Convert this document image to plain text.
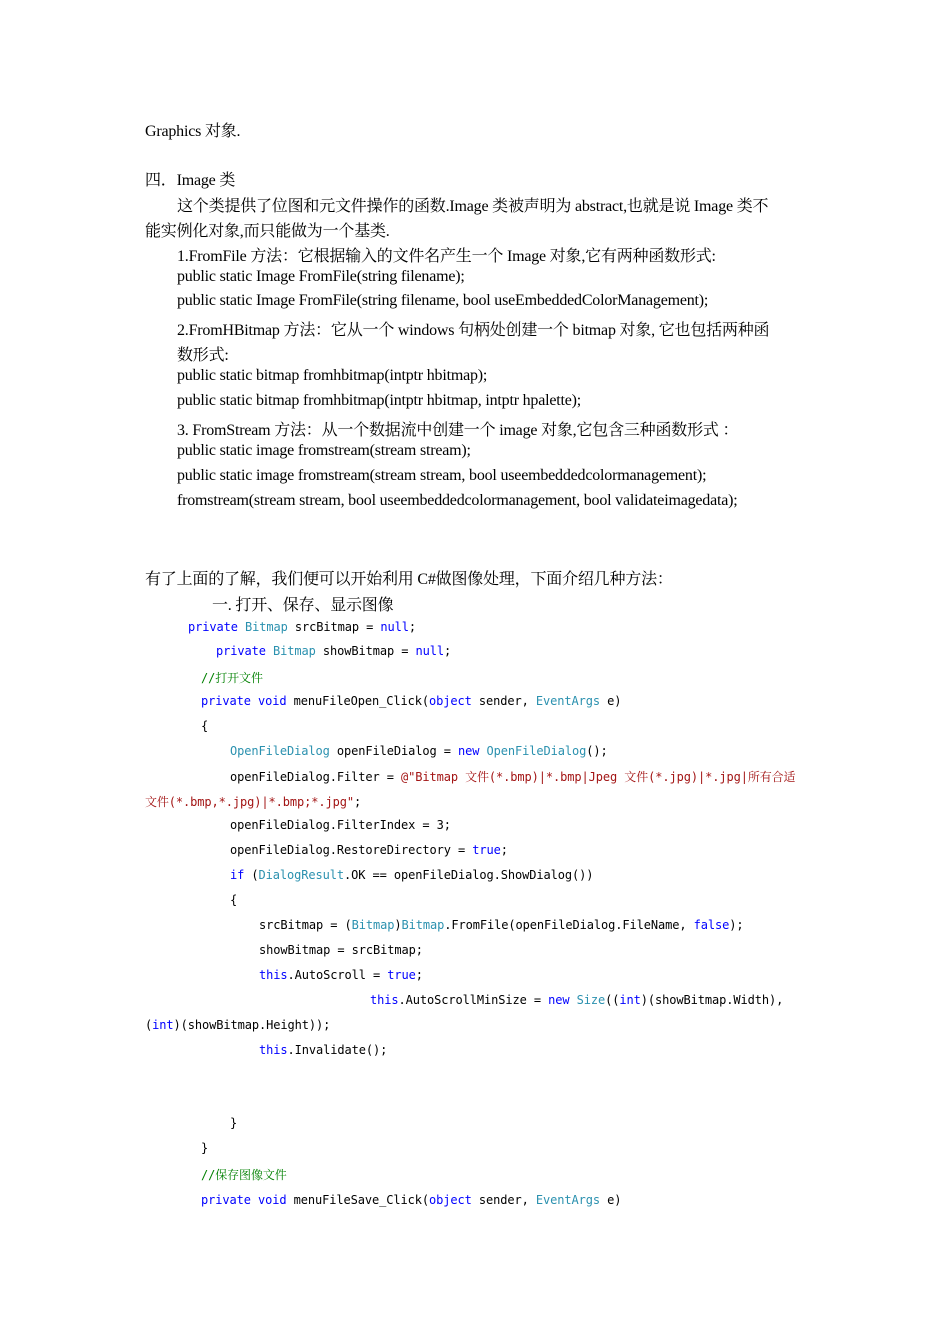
Graphics 对象.
四．Image 类
这个类提供了位图和元文件操作的函数.Image 类被声明为 abstract,也就是说 Image 类不
能实例化对象,而只能做为一个基类.
1.FromFile 方法：它根据输入的文件名产生一个 Image 对象,它有两种函数形式:
public static Image FromFile(string filename);
public static Image FromFile(string filename, bool useEmbeddedColorManagement);
2.FromHBitmap 方法：它从一个 windows 句柄处创建一个 bitmap 对象, 它也包括两种函
数形式:
public static bitmap fromhbitmap(intptr hbitmap);
public static bitmap fromhbitmap(intptr hbitmap, intptr hpalette);
3. FromStream 方法：从一个数据流中创建一个 image 对象,它包含三种函数形式 ：
public static image fromstream(stream stream);
public static image fromstream(stream stream, bool useembeddedcolormanagement);
fromstream(stream stream, bool useembeddedcolormanagement, bool validateimagedata);
有了上面的了解，我们便可以开始利用 C#做图像处理，下面介绍几种方法：
一. 打开、保存、显示图像
private Bitmap srcBitmap = null;
private Bitmap showBitmap = null;
//打开文件
private void menuFileOpen_Click(object sender, EventArgs e)
{
OpenFileDialog openFileDialog = new OpenFileDialog();
openFileDialog.Filter = @"Bitmap 文件(*.bmp)|*.bmp|Jpeg 文件(*.jpg)|*.jpg|所有合适
文件(*.bmp,*.jpg)|*.bmp;*.jpg";
openFileDialog.FilterIndex = 3;
openFileDialog.RestoreDirectory = true;
if (DialogResult.OK == openFileDialog.ShowDialog())
{
srcBitmap = (Bitmap)Bitmap.FromFile(openFileDialog.FileName, false);
showBitmap = srcBitmap;
this.AutoScroll = true;
this.AutoScrollMinSize = new Size((int)(showBitmap.Width),
(int)(showBitmap.Height));
this.Invalidate();
}
}
//保存图像文件
private void menuFileSave_Click(object sender, EventArgs e)
